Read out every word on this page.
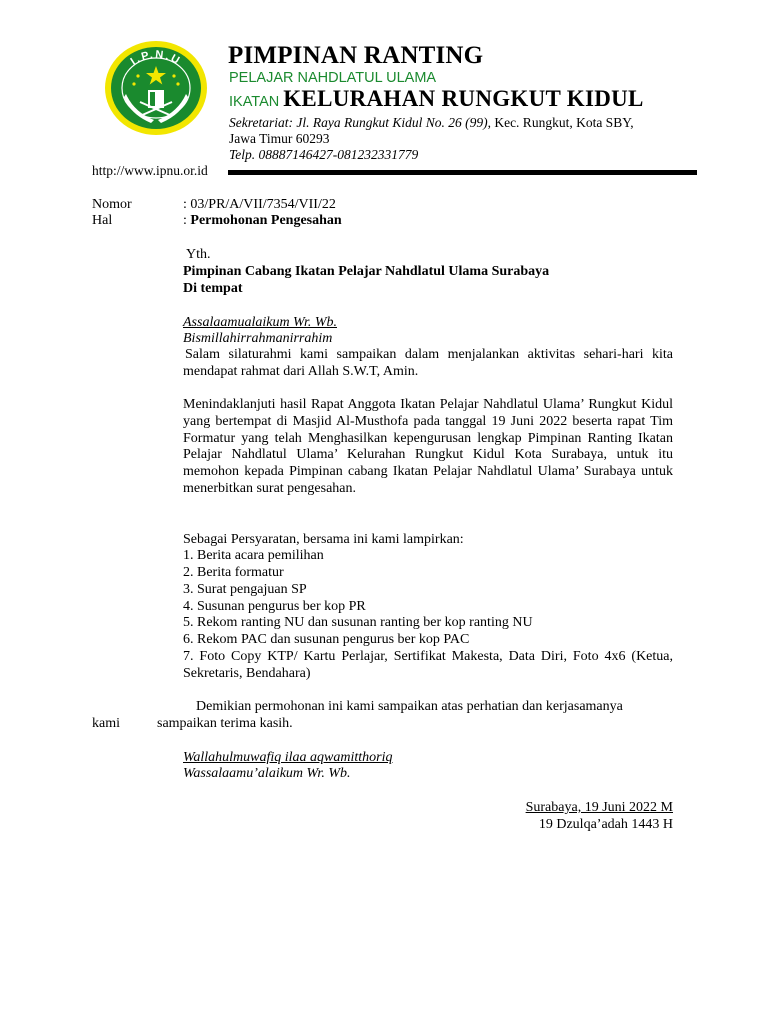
I.P.N.U PIMPINAN RANTING
PELAJAR NAHDLATUL ULAMA
IKATAN KELURAHAN RUNGKUT KIDUL
Sekretariat: Jl. Raya Rungkut Kidul No. 26 (99), Kec. Rungkut, Kota SBY,
Jawa Timur 60293
Telp. 08887146427-081232331779
http://www.ipnu.or.id
Nomor	: 03/PR/A/VII/7354/VII/22
Hal	: Permohonan Pengesahan
Yth.
Pimpinan Cabang Ikatan Pelajar Nahdlatul Ulama Surabaya
Di tempat
Assalaamualaikum Wr. Wb.
Bismillahirrahmanirrahim
Salam silaturahmi kami sampaikan dalam menjalankan aktivitas sehari-hari kita mendapat rahmat dari Allah S.W.T, Amin.
Menindaklanjuti hasil Rapat Anggota Ikatan Pelajar Nahdlatul Ulama’ Rungkut Kidul yang bertempat di Masjid Al-Musthofa pada tanggal 19 Juni 2022 beserta rapat Tim Formatur yang telah Menghasilkan kepengurusan lengkap Pimpinan Ranting Ikatan Pelajar Nahdlatul Ulama’ Kelurahan Rungkut Kidul Kota Surabaya, untuk itu memohon kepada Pimpinan cabang Ikatan Pelajar Nahdlatul Ulama’ Surabaya untuk menerbitkan surat pengesahan.
Sebagai Persyaratan, bersama ini kami lampirkan:
1. Berita acara pemilihan
2. Berita formatur
3. Surat pengajuan SP
4. Susunan pengurus ber kop PR
5. Rekom ranting NU dan susunan ranting ber kop ranting NU
6. Rekom PAC dan susunan pengurus ber kop PAC
7. Foto Copy KTP/ Kartu Perlajar, Sertifikat Makesta, Data Diri, Foto 4x6 (Ketua, Sekretaris, Bendahara)
Demikian permohonan ini kami sampaikan atas perhatian dan kerjasamanya
kami	sampaikan terima kasih.
Wallahulmuwafiq ilaa aqwamitthoriq
Wassalaamu’alaikum Wr. Wb.
Surabaya, 19 Juni 2022 M
19 Dzulqa’adah 1443 H
